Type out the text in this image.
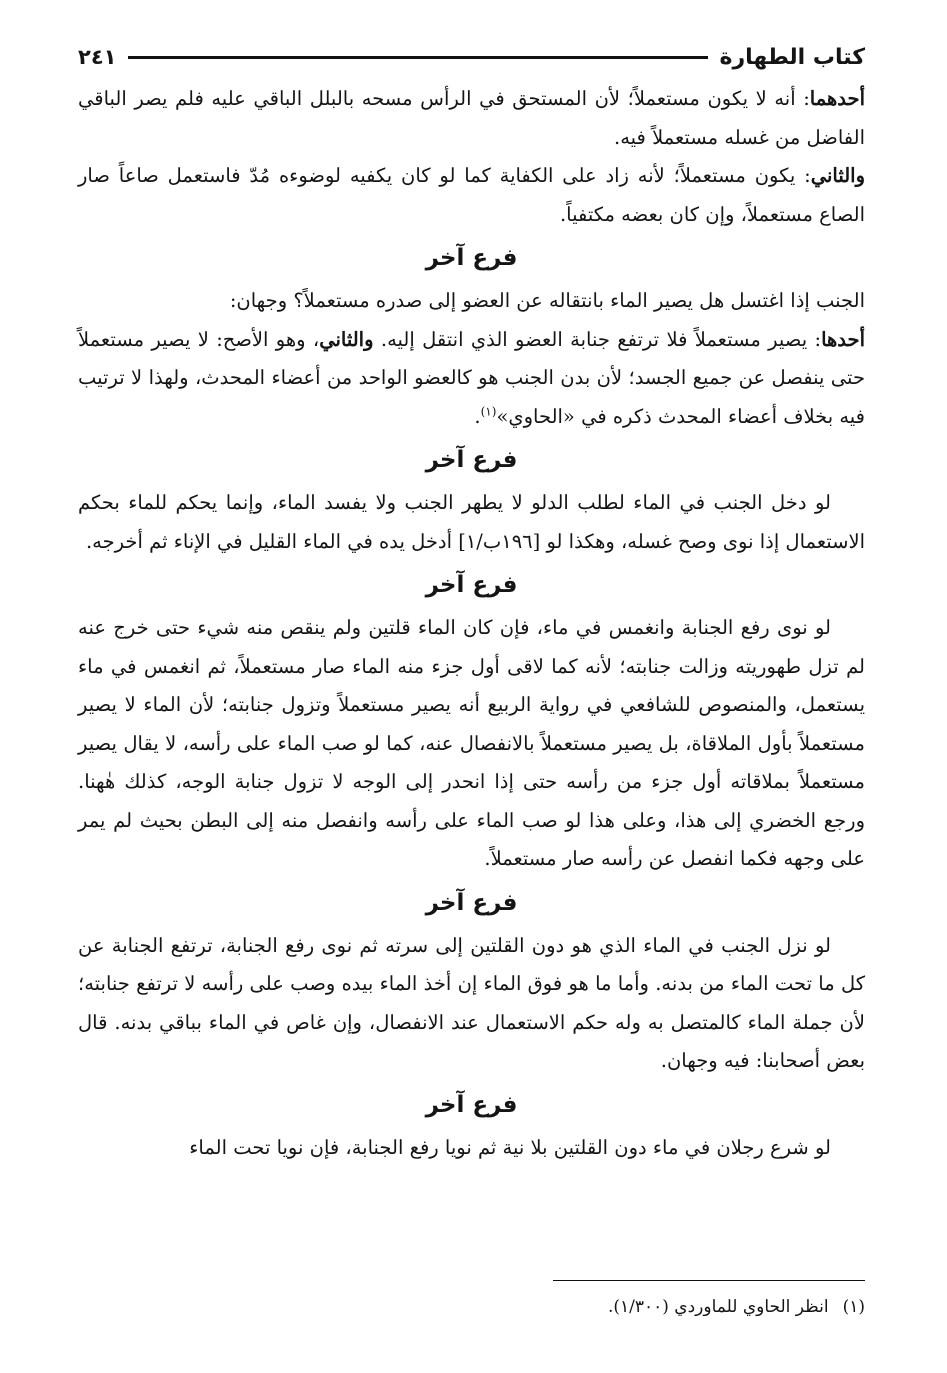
كتاب الطهارة
٢٤١

أحدهما: أنه لا يكون مستعملاً؛ لأن المستحق في الرأس مسحه بالبلل الباقي عليه فلم يصر الباقي الفاضل من غسله مستعملاً فيه.

والثاني: يكون مستعملاً؛ لأنه زاد على الكفاية كما لو كان يكفيه لوضوءه مُدّ فاستعمل صاعاً صار الصاع مستعملاً، وإن كان بعضه مكتفياً.

فرع آخر

الجنب إذا اغتسل هل يصير الماء بانتقاله عن العضو إلى صدره مستعملاً؟ وجهان:

أحدها: يصير مستعملاً فلا ترتفع جنابة العضو الذي انتقل إليه. والثاني، وهو الأصح: لا يصير مستعملاً حتى ينفصل عن جميع الجسد؛ لأن بدن الجنب هو كالعضو الواحد من أعضاء المحدث، ولهذا لا ترتيب فيه بخلاف أعضاء المحدث ذكره في «الحاوي»$^{(١)}$.

فرع آخر

لو دخل الجنب في الماء لطلب الدلو لا يطهر الجنب ولا يفسد الماء، وإنما يحكم للماء بحكم الاستعمال إذا نوى وصح غسله، وهكذا لو [١٩٦ب/١] أدخل يده في الماء القليل في الإناء ثم أخرجه.

فرع آخر

لو نوى رفع الجنابة وانغمس في ماء، فإن كان الماء قلتين ولم ينقص منه شيء حتى خرج عنه لم تزل طهوريته وزالت جنابته؛ لأنه كما لاقى أول جزء منه الماء صار مستعملاً، ثم انغمس في ماء يستعمل، والمنصوص للشافعي في رواية الربيع أنه يصير مستعملاً وتزول جنابته؛ لأن الماء لا يصير مستعملاً بأول الملاقاة، بل يصير مستعملاً بالانفصال عنه، كما لو صب الماء على رأسه، لا يقال يصير مستعملاً بملاقاته أول جزء من رأسه حتى إذا انحدر إلى الوجه لا تزول جنابة الوجه، كذلك هٰهنا. ورجع الخضري إلى هذا، وعلى هذا لو صب الماء على رأسه وانفصل منه إلى البطن بحيث لم يمر على وجهه فكما انفصل عن رأسه صار مستعملاً.

فرع آخر

لو نزل الجنب في الماء الذي هو دون القلتين إلى سرته ثم نوى رفع الجنابة، ترتفع الجنابة عن كل ما تحت الماء من بدنه. وأما ما هو فوق الماء إن أخذ الماء بيده وصب على رأسه لا ترتفع جنابته؛ لأن جملة الماء كالمتصل به وله حكم الاستعمال عند الانفصال، وإن غاص في الماء بباقي بدنه. قال بعض أصحابنا: فيه وجهان.

فرع آخر

لو شرع رجلان في ماء دون القلتين بلا نية ثم نويا رفع الجنابة، فإن نويا تحت الماء

(١)انظر الحاوي للماوردي (١/٣٠٠).
